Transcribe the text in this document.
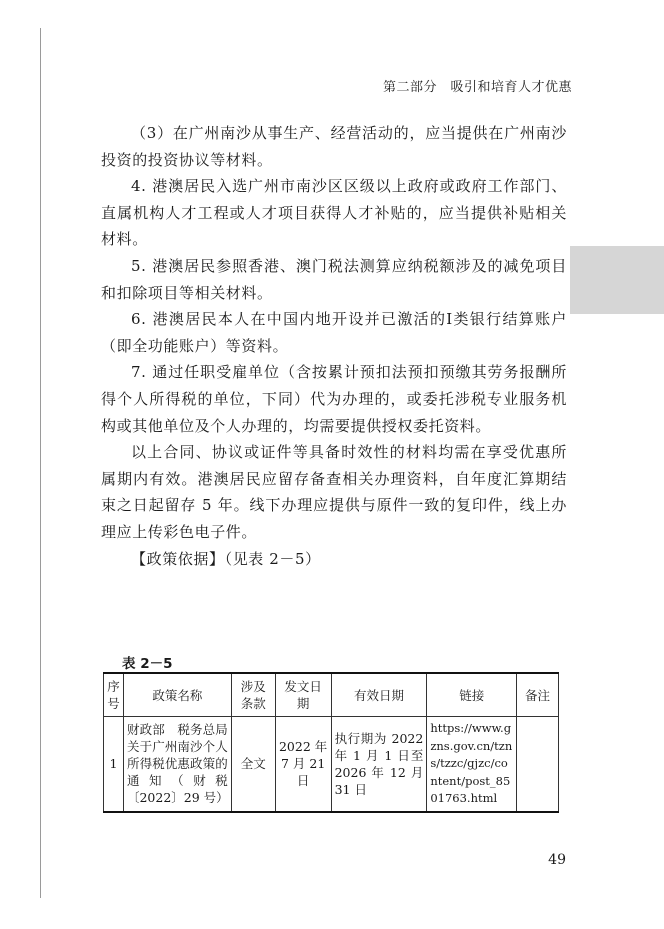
第二部分　吸引和培育人才优惠

（3）在广州南沙从事生产、经营活动的，应当提供在广州南沙投资的投资协议等材料。

4. 港澳居民入选广州市南沙区区级以上政府或政府工作部门、直属机构人才工程或人才项目获得人才补贴的，应当提供补贴相关材料。

5. 港澳居民参照香港、澳门税法测算应纳税额涉及的减免项目和扣除项目等相关材料。

6. 港澳居民本人在中国内地开设并已激活的Ⅰ类银行结算账户（即全功能账户）等资料。

7. 通过任职受雇单位（含按累计预扣法预扣预缴其劳务报酬所得个人所得税的单位，下同）代为办理的，或委托涉税专业服务机构或其他单位及个人办理的，均需要提供授权委托资料。

以上合同、协议或证件等具备时效性的材料均需在享受优惠所属期内有效。港澳居民应留存备查相关办理资料，自年度汇算期结束之日起留存 5 年。线下办理应提供与原件一致的复印件，线上办理应上传彩色电子件。

【政策依据】（见表 2－5）

表 2－5
序号	政策名称	涉及条款	发文日期	有效日期	链接	备注
1	财政部　税务总局关于广州南沙个人所得税优惠政策的通知（财税〔2022〕29 号）	全文	2022 年 7 月 21 日	执行期为 2022 年 1 月 1 日至 2026 年 12 月 31 日	https://www.gzns.gov.cn/tzns/tzzc/gjzc/content/post_8501763.html	
49
